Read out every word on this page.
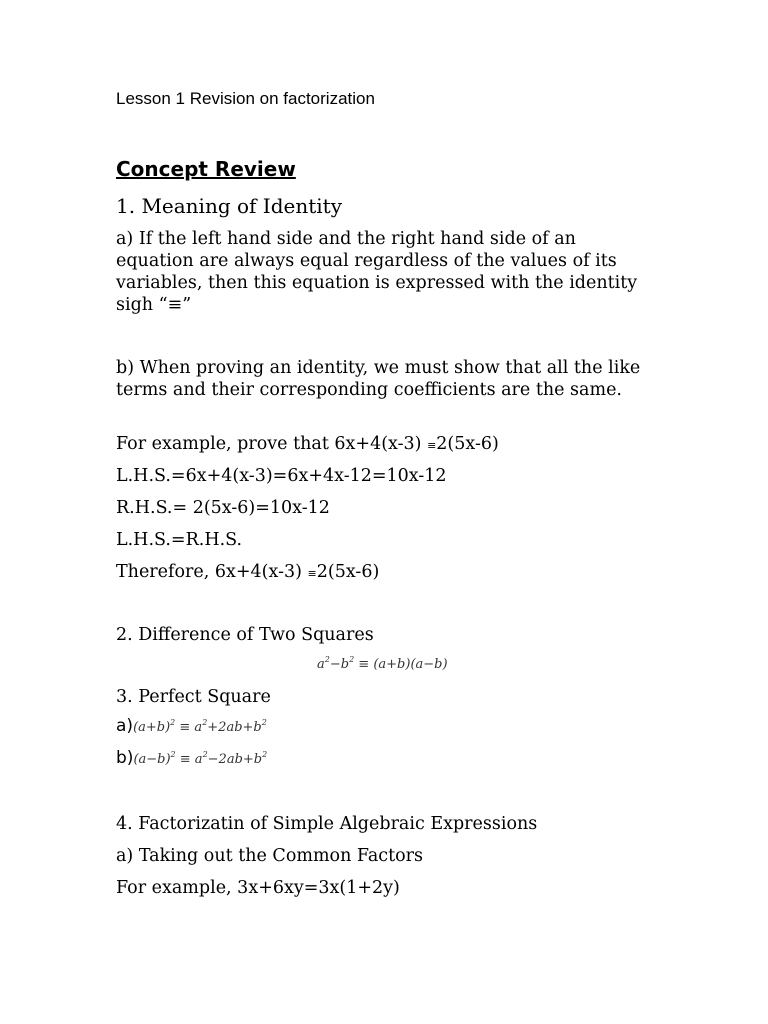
Lesson 1 Revision on factorization

Concept Review

1. Meaning of Identity

a) If the left hand side and the right hand side of an equation are always equal regardless of the values of its variables, then this equation is expressed with the identity sigh “≡”

b) When proving an identity, we must show that all the like terms and their corresponding coefficients are the same.

For example, prove that 6x+4(x-3) ≡2(5x-6)

L.H.S.=6x+4(x-3)=6x+4x-12=10x-12

R.H.S.= 2(5x-6)=10x-12

L.H.S.=R.H.S.

Therefore, 6x+4(x-3) ≡2(5x-6)

2. Difference of Two Squares

$a^2-b^2 \equiv (a+b)(a-b)$

3. Perfect Square

$a)(a+b)^2 \equiv a^2+2ab+b^2$
$b)(a-b)^2 \equiv a^2-2ab+b^2$

4. Factorizatin of Simple Algebraic Expressions

a) Taking out the Common Factors

For example, 3x+6xy=3x(1+2y)
